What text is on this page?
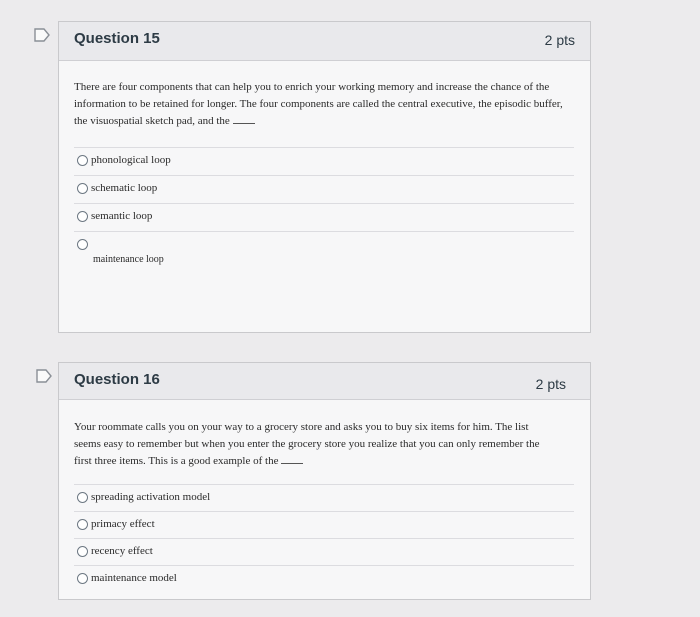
Question 15	2 pts
There are four components that can help you to enrich your working memory and increase the chance of the information to be retained for longer. The four components are called the central executive, the episodic buffer, the visuospatial sketch pad, and the
phonological loop
schematic loop
semantic loop
maintenance loop
Question 16	2 pts
Your roommate calls you on your way to a grocery store and asks you to buy six items for him. The list seems easy to remember but when you enter the grocery store you realize that you can only remember the first three items. This is a good example of the
spreading activation model
primacy effect
recency effect
maintenance model
